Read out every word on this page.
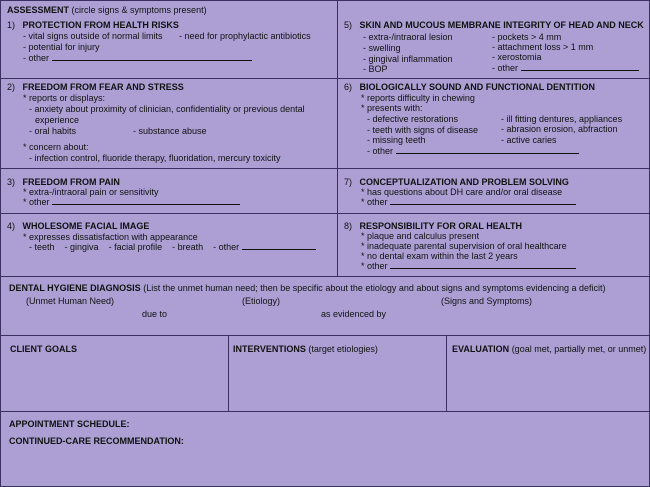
ASSESSMENT (circle signs & symptoms present)
1) PROTECTION FROM HEALTH RISKS
- vital signs outside of normal limits - need for prophylactic antibiotics
- potential for injury
- other
5) SKIN AND MUCOUS MEMBRANE INTEGRITY OF HEAD AND NECK
- extra-/intraoral lesion
- swelling
- gingival inflammation
- BOP
- pockets > 4 mm
- attachment loss > 1 mm
- xerostomia
- other
2) FREEDOM FROM FEAR AND STRESS
* reports or displays:
- anxiety about proximity of clinician, confidentiality or previous dental
experience
- oral habits	- substance abuse
* concern about:
- infection control, fluoride therapy, fluoridation, mercury toxicity
6) BIOLOGICALLY SOUND AND FUNCTIONAL DENTITION
* reports difficulty in chewing
* presents with:
- defective restorations
- teeth with signs of disease
- missing teeth
- other
- ill fitting dentures, appliances
- abrasion erosion, abfraction
- active caries
3) FREEDOM FROM PAIN
* extra-/intraoral pain or sensitivity
* other
7) CONCEPTUALIZATION AND PROBLEM SOLVING
* has questions about DH care and/or oral disease
* other
4) WHOLESOME FACIAL IMAGE
* expresses dissatisfaction with appearance
- teeth - gingiva - facial profile - breath - other
8) RESPONSIBILITY FOR ORAL HEALTH
* plaque and calculus present
* inadequate parental supervision of oral healthcare
* no dental exam within the last 2 years
* other
DENTAL HYGIENE DIAGNOSIS (List the unmet human need; then be specific about the etiology and about signs and symptoms evidencing a deficit)
(Unmet Human Need)	(Etiology)	(Signs and Symptoms)
due to	as evidenced by
CLIENT GOALS	INTERVENTIONS (target etiologies)	EVALUATION (goal met, partially met, or unmet)
APPOINTMENT SCHEDULE:
CONTINUED-CARE RECOMMENDATION:
